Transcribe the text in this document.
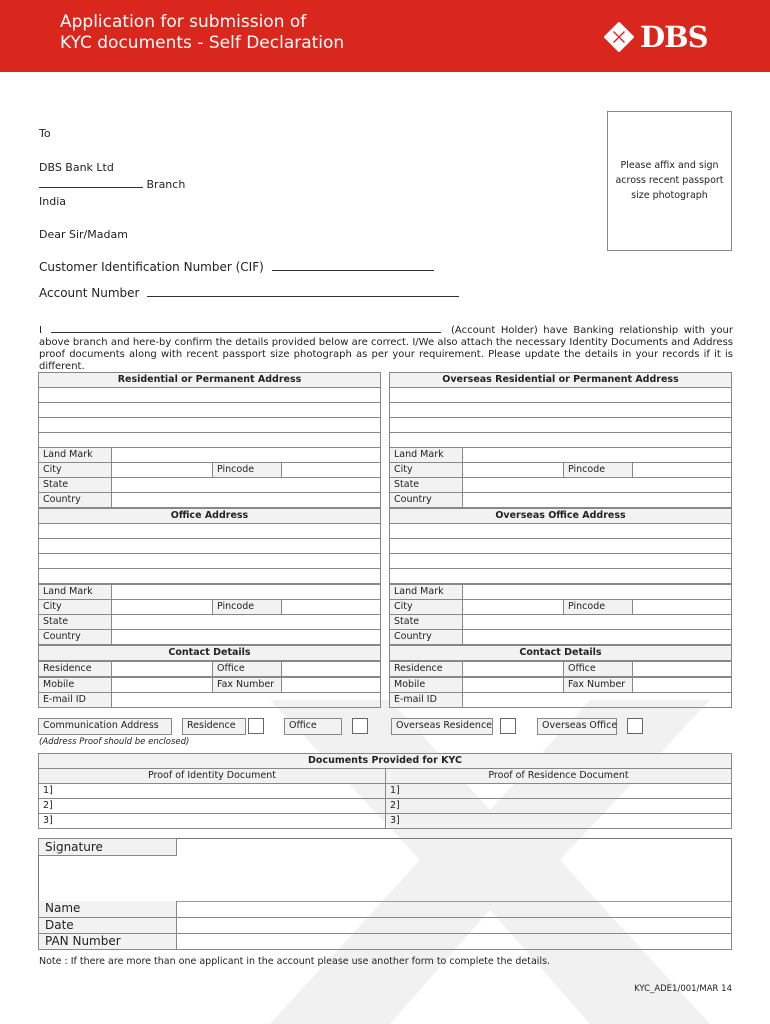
Application for submission of
KYC documents - Self Declaration	DBS
To
DBS Bank Ltd
Branch
India
Dear Sir/Madam
Please affix and sign
across recent passport
size photograph
Customer Identification Number (CIF)
Account Number
I	(Account Holder) have Banking relationship with your above branch and here-by confirm the details provided below are correct. I/We also attach the necessary Identity Documents and Address proof documents along with recent passport size photograph as per your requirement. Please update the details in your records if it is different.
Residential or Permanent Address
Land Mark
City	Pincode
State
Country
Office Address
Land Mark
City	Pincode
State
Country
Contact Details
Residence	Office
Mobile	Fax Number
E-mail ID
Overseas Residential or Permanent Address
Land Mark
City	Pincode
State
Country
Overseas Office Address
Land Mark
City	Pincode
State
Country
Contact Details
Residence	Office
Mobile	Fax Number
E-mail ID
Communication Address	Residence	Office	Overseas Residence	Overseas Office
(Address Proof should be enclosed)
Documents Provided for KYC
Proof of Identity Document	Proof of Residence Document
1]	1]
2]	2]
3]	3]
Signature
Name
Date
PAN Number
Note : If there are more than one applicant in the account please use another form to complete the details.
KYC_ADE1/001/MAR 14
